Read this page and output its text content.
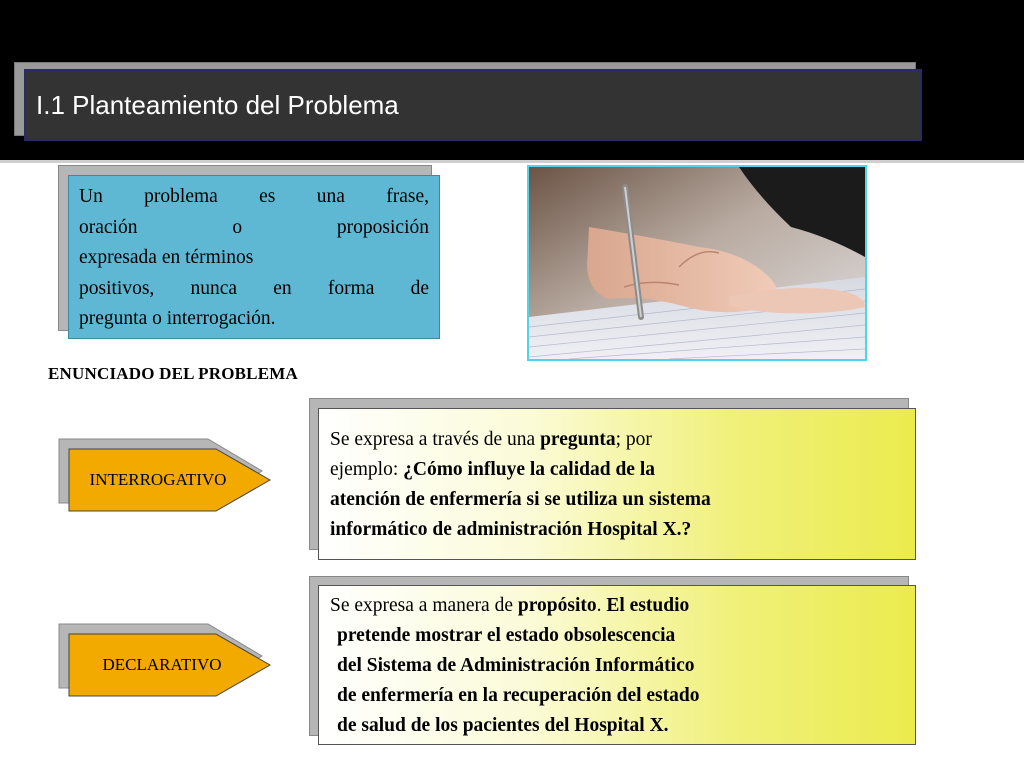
I.1 Planteamiento del Problema
Un problema es una frase,
oración o proposición
expresada en términos
positivos, nunca en forma de
pregunta o interrogación.
ENUNCIADO DEL PROBLEMA
INTERROGATIVO
Se expresa a través de una pregunta; por
ejemplo: ¿Cómo influye la calidad de la
atención de enfermería si se utiliza un sistema
informático de administración Hospital X.?
DECLARATIVO
Se expresa a manera de propósito. El estudio
pretende mostrar el estado obsolescencia
del Sistema de Administración Informático
de enfermería en la recuperación del estado
de salud de los pacientes del Hospital X.
